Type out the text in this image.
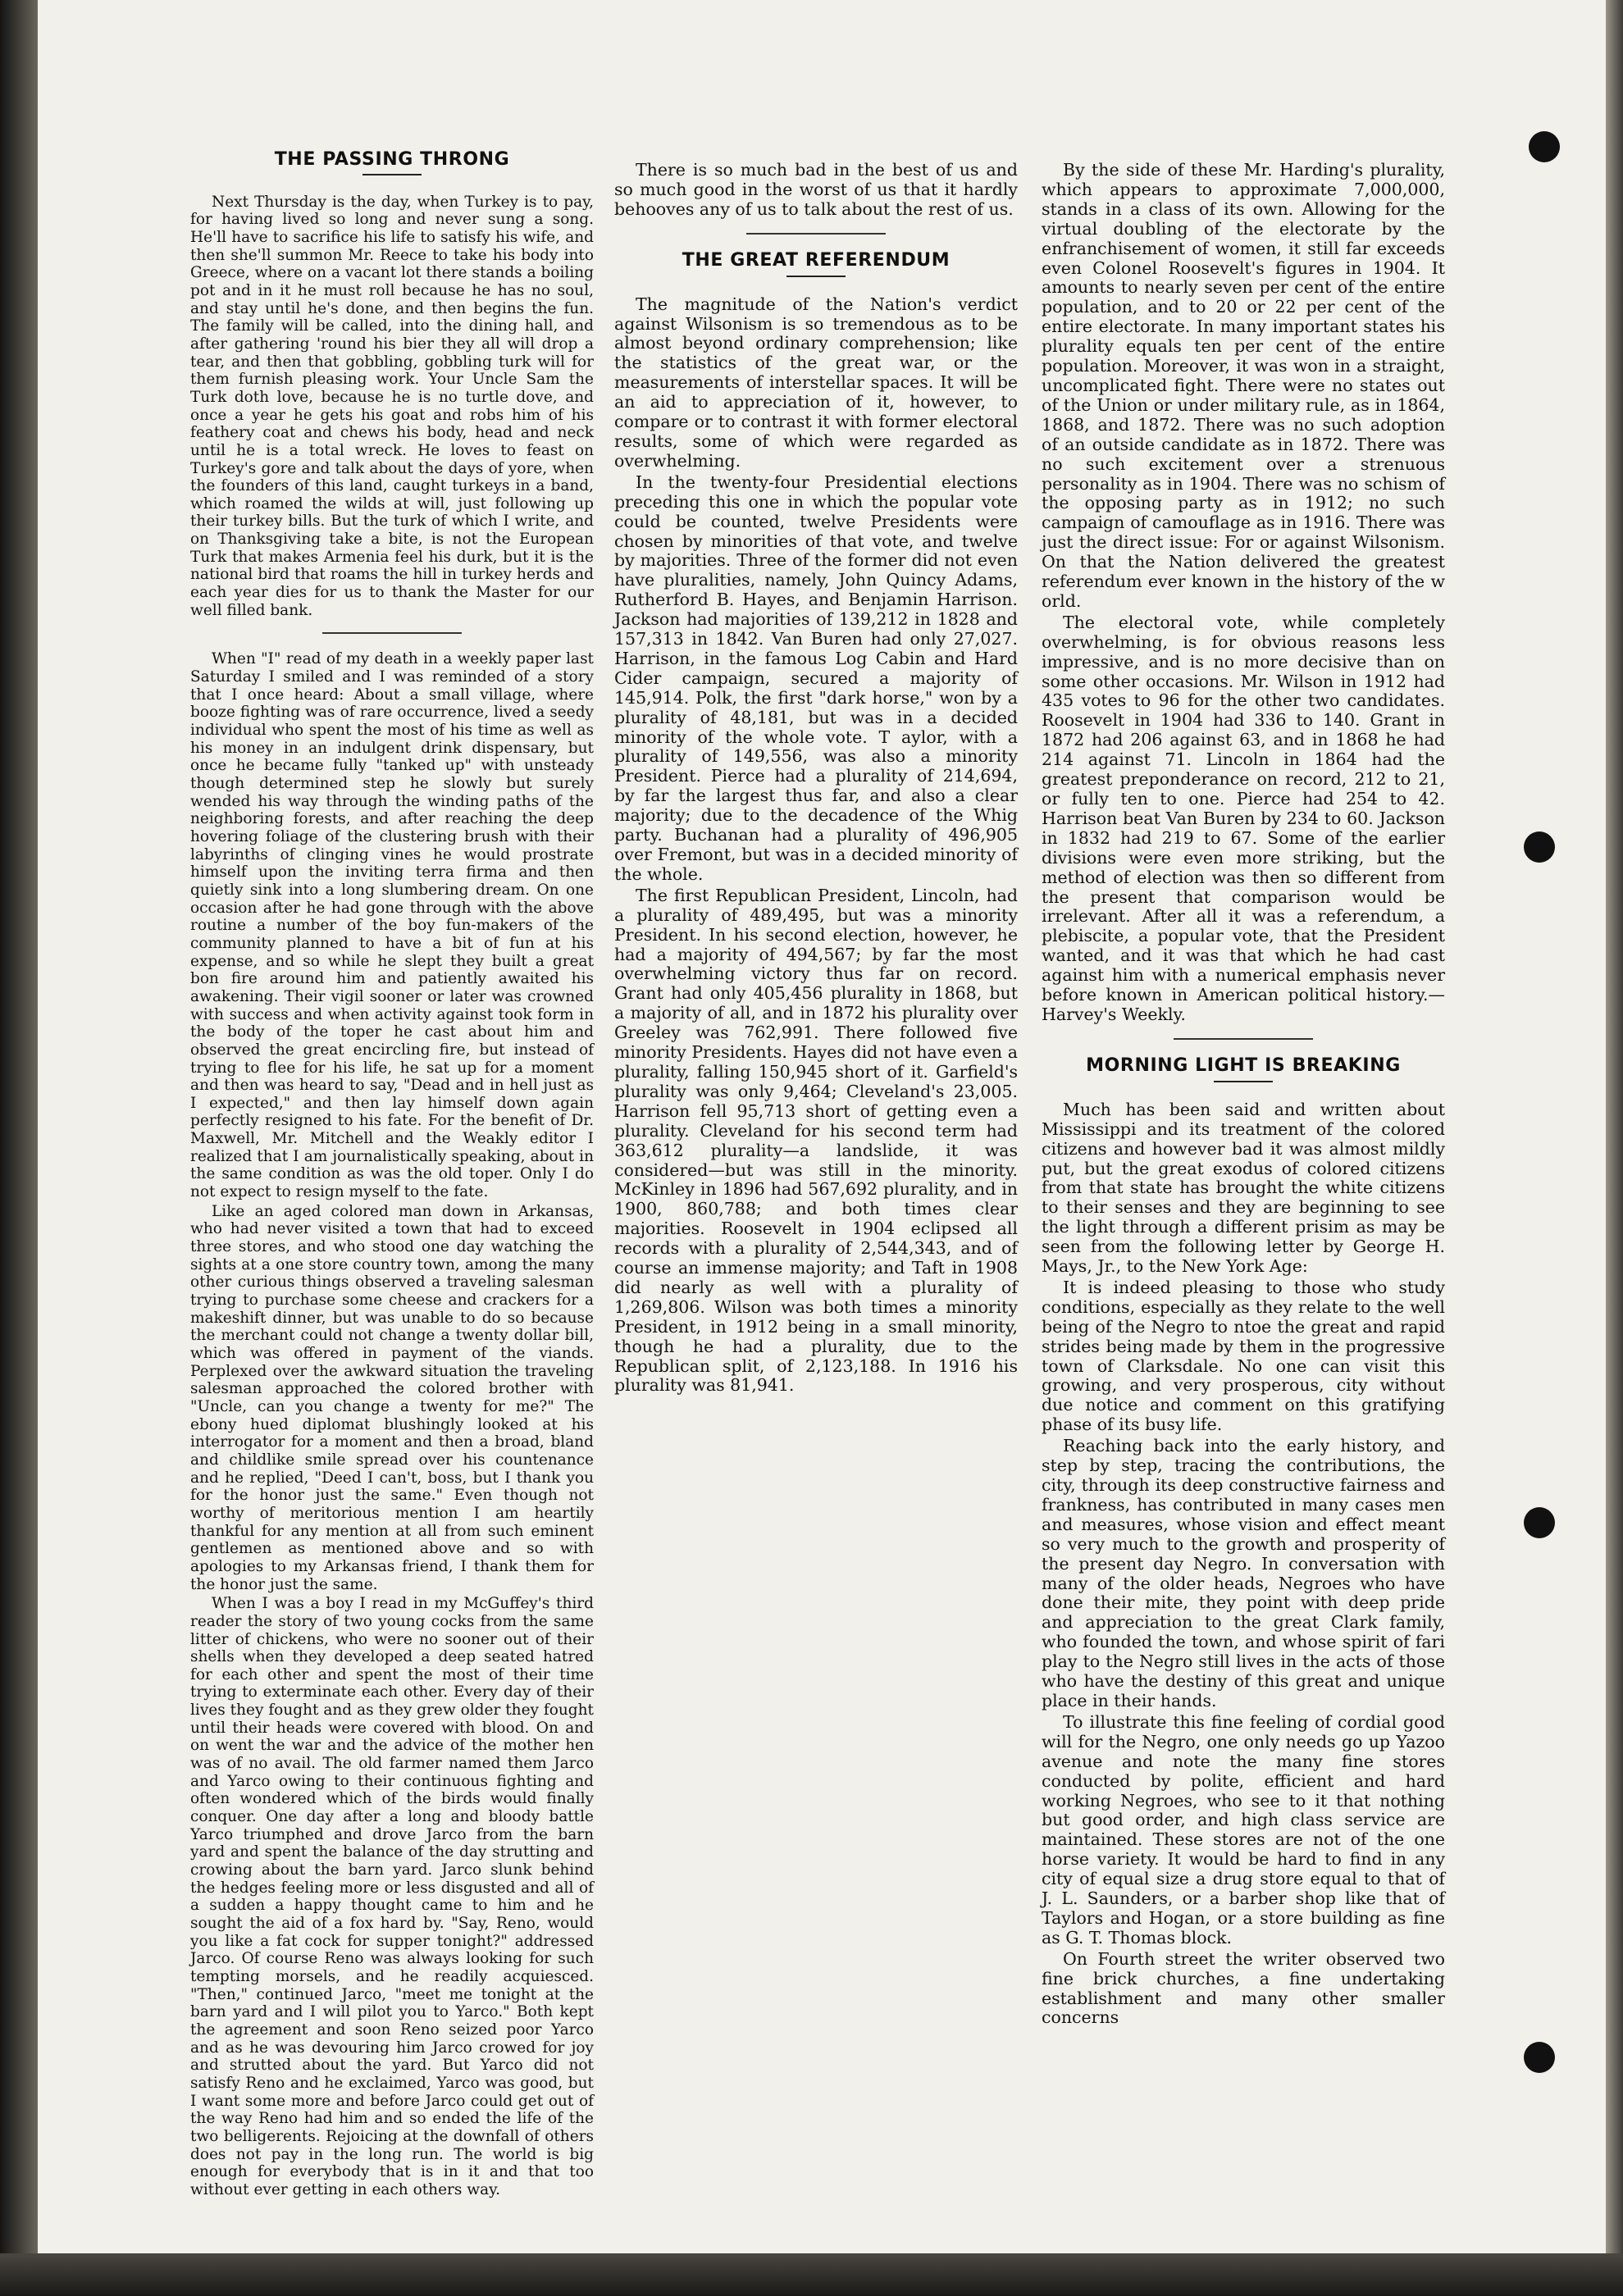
THE PASSING THRONG

Next Thursday is the day, when Turkey is to pay, for having lived so long and never sung a song. He'll have to sacrifice his life to satisfy his wife, and then she'll summon Mr. Reece to take his body into Greece, where on a vacant lot there stands a boiling pot and in it he must roll because he has no soul, and stay until he's done, and then begins the fun. The family will be called, into the dining hall, and after gathering 'round his bier they all will drop a tear, and then that gobbling, gobbling turk will for them furnish pleasing work. Your Uncle Sam the Turk doth love, because he is no turtle dove, and once a year he gets his goat and robs him of his feathery coat and chews his body, head and neck until he is a total wreck. He loves to feast on Turkey's gore and talk about the days of yore, when the founders of this land, caught turkeys in a band, which roamed the wilds at will, just following up their turkey bills. But the turk of which I write, and on Thanksgiving take a bite, is not the European Turk that makes Armenia feel his durk, but it is the national bird that roams the hill in turkey herds and each year dies for us to thank the Master for our well filled bank.

When "I" read of my death in a weekly paper last Saturday I smiled and I was reminded of a story that I once heard: About a small village, where booze fighting was of rare occurrence, lived a seedy individual who spent the most of his time as well as his money in an indulgent drink dispensary, but once he became fully "tanked up" with unsteady though determined step he slowly but surely wended his way through the winding paths of the neighboring forests, and after reaching the deep hovering foliage of the clustering brush with their labyrinths of clinging vines he would prostrate himself upon the inviting terra firma and then quietly sink into a long slumbering dream. On one occasion after he had gone through with the above routine a number of the boy fun-makers of the community planned to have a bit of fun at his expense, and so while he slept they built a great bon fire around him and patiently awaited his awakening. Their vigil sooner or later was crowned with success and when activity against took form in the body of the toper he cast about him and observed the great encircling fire, but instead of trying to flee for his life, he sat up for a moment and then was heard to say, "Dead and in hell just as I expected," and then lay himself down again perfectly resigned to his fate. For the benefit of Dr. Maxwell, Mr. Mitchell and the Weakly editor I realized that I am journalistically speaking, about in the same condition as was the old toper. Only I do not expect to resign myself to the fate.

Like an aged colored man down in Arkansas, who had never visited a town that had to exceed three stores, and who stood one day watching the sights at a one store country town, among the many other curious things observed a traveling salesman trying to purchase some cheese and crackers for a makeshift dinner, but was unable to do so because the merchant could not change a twenty dollar bill, which was offered in payment of the viands. Perplexed over the awkward situation the traveling salesman approached the colored brother with "Uncle, can you change a twenty for me?" The ebony hued diplomat blushingly looked at his interrogator for a moment and then a broad, bland and childlike smile spread over his countenance and he replied, "Deed I can't, boss, but I thank you for the honor just the same." Even though not worthy of meritorious mention I am heartily thankful for any mention at all from such eminent gentlemen as mentioned above and so with apologies to my Arkansas friend, I thank them for the honor just the same.

When I was a boy I read in my McGuffey's third reader the story of two young cocks from the same litter of chickens, who were no sooner out of their shells when they developed a deep seated hatred for each other and spent the most of their time trying to exterminate each other. Every day of their lives they fought and as they grew older they fought until their heads were covered with blood. On and on went the war and the advice of the mother hen was of no avail. The old farmer named them Jarco and Yarco owing to their continuous fighting and often wondered which of the birds would finally conquer. One day after a long and bloody battle Yarco triumphed and drove Jarco from the barn yard and spent the balance of the day strutting and crowing about the barn yard. Jarco slunk behind the hedges feeling more or less disgusted and all of a sudden a happy thought came to him and he sought the aid of a fox hard by. "Say, Reno, would you like a fat cock for supper tonight?" addressed Jarco. Of course Reno was always looking for such tempting morsels, and he readily acquiesced. "Then," continued Jarco, "meet me tonight at the barn yard and I will pilot you to Yarco." Both kept the agreement and soon Reno seized poor Yarco and as he was devouring him Jarco crowed for joy and strutted about the yard. But Yarco did not satisfy Reno and he exclaimed, Yarco was good, but I want some more and before Jarco could get out of the way Reno had him and so ended the life of the two belligerents. Rejoicing at the downfall of others does not pay in the long run. The world is big enough for everybody that is in it and that too without ever getting in each others way.

There is so much bad in the best of us and so much good in the worst of us that it hardly behooves any of us to talk about the rest of us.

THE GREAT REFERENDUM

The magnitude of the Nation's verdict against Wilsonism is so tremendous as to be almost beyond ordinary comprehension; like the statistics of the great war, or the measurements of interstellar spaces. It will be an aid to appreciation of it, however, to compare or to contrast it with former electoral results, some of which were regarded as overwhelming.

In the twenty-four Presidential elections preceding this one in which the popular vote could be counted, twelve Presidents were chosen by minorities of that vote, and twelve by majorities. Three of the former did not even have pluralities, namely, John Quincy Adams, Rutherford B. Hayes, and Benjamin Harrison. Jackson had majorities of 139,212 in 1828 and 157,313 in 1842. Van Buren had only 27,027. Harrison, in the famous Log Cabin and Hard Cider campaign, secured a majority of 145,914. Polk, the first "dark horse," won by a plurality of 48,181, but was in a decided minority of the whole vote. T aylor, with a plurality of 149,556, was also a minority President. Pierce had a plurality of 214,694, by far the largest thus far, and also a clear majority; due to the decadence of the Whig party. Buchanan had a plurality of 496,905 over Fremont, but was in a decided minority of the whole.

The first Republican President, Lincoln, had a plurality of 489,495, but was a minority President. In his second election, however, he had a majority of 494,567; by far the most overwhelming victory thus far on record. Grant had only 405,456 plurality in 1868, but a majority of all, and in 1872 his plurality over Greeley was 762,991. There followed five minority Presidents. Hayes did not have even a plurality, falling 150,945 short of it. Garfield's plurality was only 9,464; Cleveland's 23,005. Harrison fell 95,713 short of getting even a plurality. Cleveland for his second term had 363,612 plurality—a landslide, it was considered—but was still in the minority. McKinley in 1896 had 567,692 plurality, and in 1900, 860,788; and both times clear majorities. Roosevelt in 1904 eclipsed all records with a plurality of 2,544,343, and of course an immense majority; and Taft in 1908 did nearly as well with a plurality of 1,269,806. Wilson was both times a minority President, in 1912 being in a small minority, though he had a plurality, due to the Republican split, of 2,123,188. In 1916 his plurality was 81,941.

By the side of these Mr. Harding's plurality, which appears to approximate 7,000,000, stands in a class of its own. Allowing for the virtual doubling of the electorate by the enfranchisement of women, it still far exceeds even Colonel Roosevelt's figures in 1904. It amounts to nearly seven per cent of the entire population, and to 20 or 22 per cent of the entire electorate. In many important states his plurality equals ten per cent of the entire population. Moreover, it was won in a straight, uncomplicated fight. There were no states out of the Union or under military rule, as in 1864, 1868, and 1872. There was no such adoption of an outside candidate as in 1872. There was no such excitement over a strenuous personality as in 1904. There was no schism of the opposing party as in 1912; no such campaign of camouflage as in 1916. There was just the direct issue: For or against Wilsonism. On that the Nation delivered the greatest referendum ever known in the history of the w orld.

The electoral vote, while completely overwhelming, is for obvious reasons less impressive, and is no more decisive than on some other occasions. Mr. Wilson in 1912 had 435 votes to 96 for the other two candidates. Roosevelt in 1904 had 336 to 140. Grant in 1872 had 206 against 63, and in 1868 he had 214 against 71. Lincoln in 1864 had the greatest preponderance on record, 212 to 21, or fully ten to one. Pierce had 254 to 42. Harrison beat Van Buren by 234 to 60. Jackson in 1832 had 219 to 67. Some of the earlier divisions were even more striking, but the method of election was then so different from the present that comparison would be irrelevant. After all it was a referendum, a plebiscite, a popular vote, that the President wanted, and it was that which he had cast against him with a numerical emphasis never before known in American political history.—Harvey's Weekly.

MORNING LIGHT IS BREAKING

Much has been said and written about Mississippi and its treatment of the colored citizens and however bad it was almost mildly put, but the great exodus of colored citizens from that state has brought the white citizens to their senses and they are beginning to see the light through a different prisim as may be seen from the following letter by George H. Mays, Jr., to the New York Age:

It is indeed pleasing to those who study conditions, especially as they relate to the well being of the Negro to ntoe the great and rapid strides being made by them in the progressive town of Clarksdale. No one can visit this growing, and very prosperous, city without due notice and comment on this gratifying phase of its busy life.

Reaching back into the early history, and step by step, tracing the contributions, the city, through its deep constructive fairness and frankness, has contributed in many cases men and measures, whose vision and effect meant so very much to the growth and prosperity of the present day Negro. In conversation with many of the older heads, Negroes who have done their mite, they point with deep pride and appreciation to the great Clark family, who founded the town, and whose spirit of fari play to the Negro still lives in the acts of those who have the destiny of this great and unique place in their hands.

To illustrate this fine feeling of cordial good will for the Negro, one only needs go up Yazoo avenue and note the many fine stores conducted by polite, efficient and hard working Negroes, who see to it that nothing but good order, and high class service are maintained. These stores are not of the one horse variety. It would be hard to find in any city of equal size a drug store equal to that of J. L. Saunders, or a barber shop like that of Taylors and Hogan, or a store building as fine as G. T. Thomas block.

On Fourth street the writer observed two fine brick churches, a fine undertaking establishment and many other smaller concerns
